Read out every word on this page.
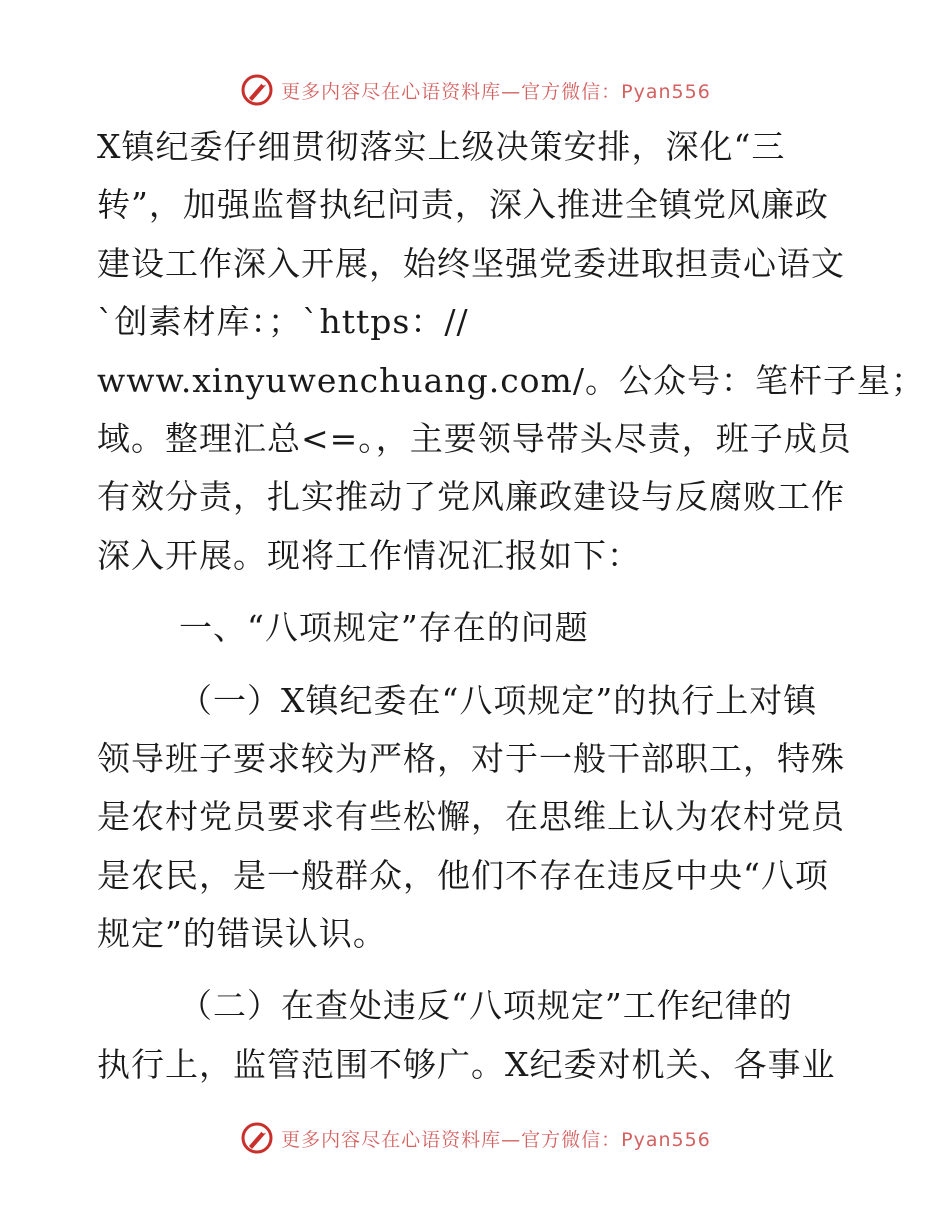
更多内容尽在心语资料库—官方微信：Pyan556
X镇纪委仔细贯彻落实上级决策安排，深化“三
转”，加强监督执纪问责，深入推进全镇党风廉政
建设工作深入开展，始终坚强党委进取担责心语文
`创素材库：；`https：//
www.xinyuwenchuang.com/。公众号：笔杆子星；
域。整理汇总<=。，主要领导带头尽责，班子成员
有效分责，扎实推动了党风廉政建设与反腐败工作
深入开展。现将工作情况汇报如下：
一、“八项规定”存在的问题
（一）X镇纪委在“八项规定”的执行上对镇
领导班子要求较为严格，对于一般干部职工，特殊
是农村党员要求有些松懈，在思维上认为农村党员
是农民，是一般群众，他们不存在违反中央“八项
规定”的错误认识。
（二）在查处违反“八项规定”工作纪律的
执行上，监管范围不够广。X纪委对机关、各事业
更多内容尽在心语资料库—官方微信：Pyan556
